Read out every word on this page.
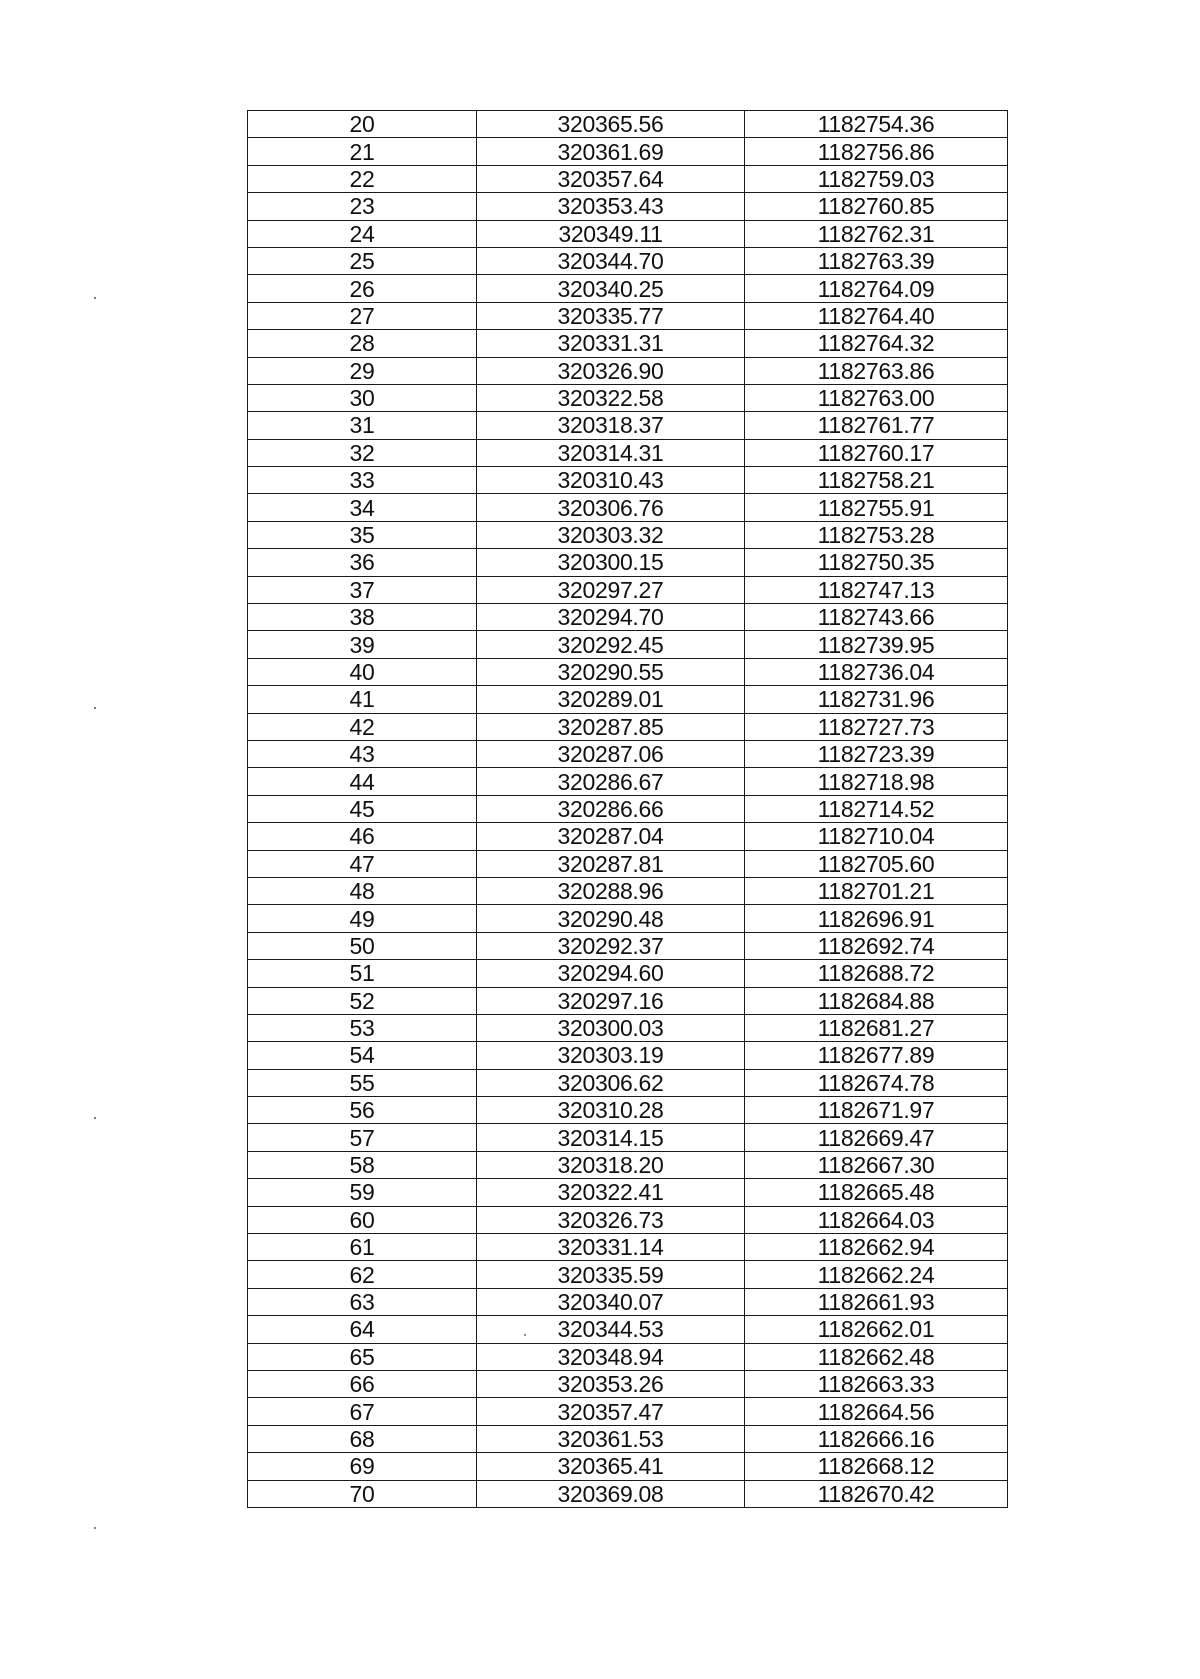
20	320365.56	1182754.36
21	320361.69	1182756.86
22	320357.64	1182759.03
23	320353.43	1182760.85
24	320349.11	1182762.31
25	320344.70	1182763.39
26	320340.25	1182764.09
27	320335.77	1182764.40
28	320331.31	1182764.32
29	320326.90	1182763.86
30	320322.58	1182763.00
31	320318.37	1182761.77
32	320314.31	1182760.17
33	320310.43	1182758.21
34	320306.76	1182755.91
35	320303.32	1182753.28
36	320300.15	1182750.35
37	320297.27	1182747.13
38	320294.70	1182743.66
39	320292.45	1182739.95
40	320290.55	1182736.04
41	320289.01	1182731.96
42	320287.85	1182727.73
43	320287.06	1182723.39
44	320286.67	1182718.98
45	320286.66	1182714.52
46	320287.04	1182710.04
47	320287.81	1182705.60
48	320288.96	1182701.21
49	320290.48	1182696.91
50	320292.37	1182692.74
51	320294.60	1182688.72
52	320297.16	1182684.88
53	320300.03	1182681.27
54	320303.19	1182677.89
55	320306.62	1182674.78
56	320310.28	1182671.97
57	320314.15	1182669.47
58	320318.20	1182667.30
59	320322.41	1182665.48
60	320326.73	1182664.03
61	320331.14	1182662.94
62	320335.59	1182662.24
63	320340.07	1182661.93
64	320344.53	1182662.01
65	320348.94	1182662.48
66	320353.26	1182663.33
67	320357.47	1182664.56
68	320361.53	1182666.16
69	320365.41	1182668.12
70	320369.08	1182670.42
